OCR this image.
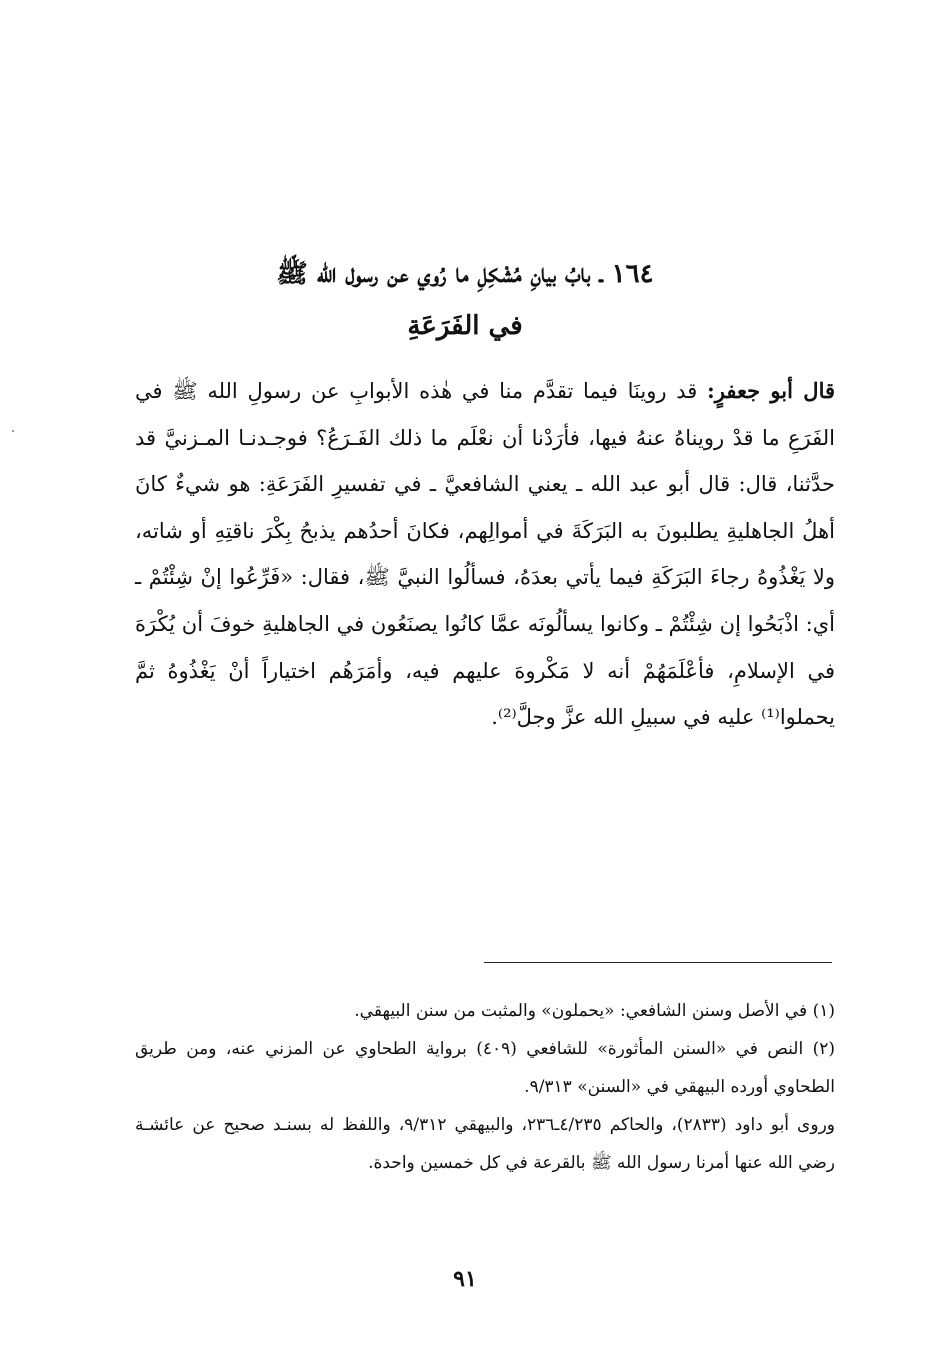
١٦٤ ـ بابُ بيانِ مُشْكِلِ ما رُوي عن رسول الله ﷺ
في الفَرَعَةِ
قال أبو جعفرٍ: قد روينَا فيما تقدَّم منا في هٰذه الأبوابِ عن رسولِ الله ﷺ في الفَرَعِ ما قدْ رويناهُ عنهُ فيها، فأرَدْنا أن نعْلَم ما ذلك الفَـرَعُ؟ فوجـدنـا المـزنيَّ قد حدَّثنا، قال: قال أبو عبد الله ـ يعني الشافعيَّ ـ في تفسيرِ الفَرَعَةِ: هو شيءٌ كانَ أهلُ الجاهليةِ يطلبونَ به البَرَكَةَ في أموالِهم، فكانَ أحدُهم يذبحُ بِكْرَ ناقتِهِ أو شاته، ولا يَغْذُوهُ رجاءَ البَرَكَةِ فيما يأتي بعدَهُ، فسألُوا النبيَّ ﷺ، فقال: «فَرِّعُوا إنْ شِئْتُمْ ـ أي: اذْبَحُوا إن شِئْتُمْ ـ وكانوا يسألُونَه عمَّا كانُوا يصنَعُون في الجاهليةِ خوفَ أن يُكْرَهَ في الإسلامِ، فأعْلَمَهُمْ أنه لا مَكْروهَ عليهم فيه، وأمَرَهُم اختياراً أنْ يَغْذُوهُ ثمَّ يحملوا⁽¹⁾ عليه في سبيلِ الله عزَّ وجلَّ⁽²⁾.

(١) في الأصل وسنن الشافعي: «يحملون» والمثبت من سنن البيهقي.

(٢) النص في «السنن المأثورة» للشافعي (٤٠٩) برواية الطحاوي عن المزني عنه، ومن طريق الطحاوي أورده البيهقي في «السنن» ٩/٣١٣.

وروى أبو داود (٢٨٣٣)، والحاكم ٤/٢٣٥ـ٢٣٦، والبيهقي ٩/٣١٢، واللفظ له بسنـد صحيح عن عائشـة رضي الله عنها أمرنا رسول الله ﷺ بالقرعة في كل خمسين واحدة.

٩١
